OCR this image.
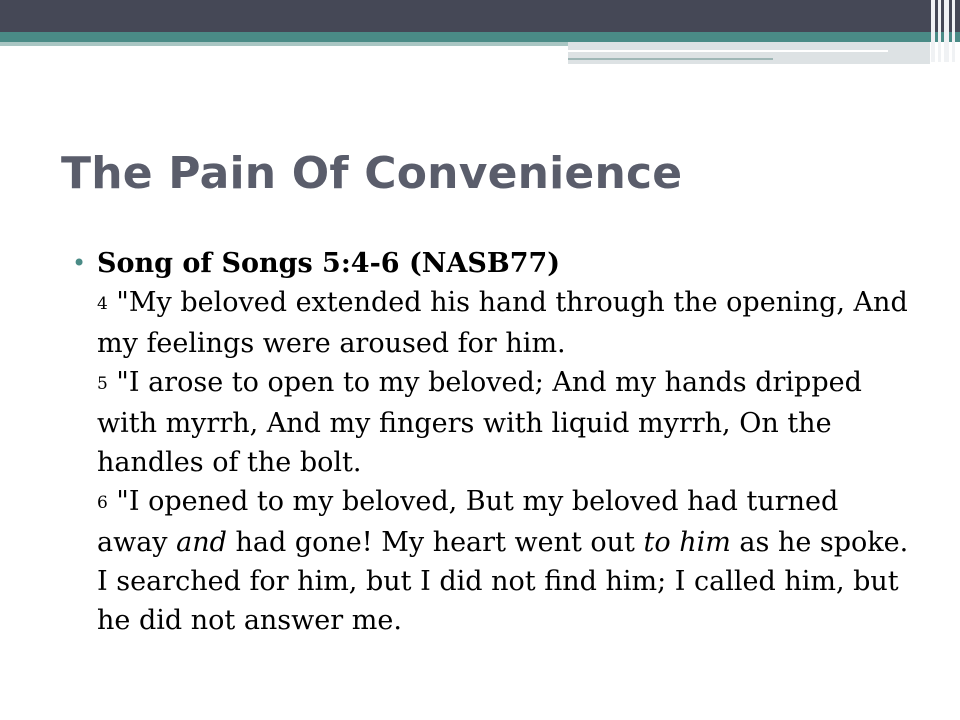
The Pain Of Convenience
• Song of Songs 5:4-6 (NASB77)
4 "My beloved extended his hand through the opening, And my feelings were aroused for him.
5 "I arose to open to my beloved; And my hands dripped with myrrh, And my fingers with liquid myrrh, On the handles of the bolt.
6 "I opened to my beloved, But my beloved had turned away and had gone! My heart went out to him as he spoke. I searched for him, but I did not find him; I called him, but he did not answer me.
